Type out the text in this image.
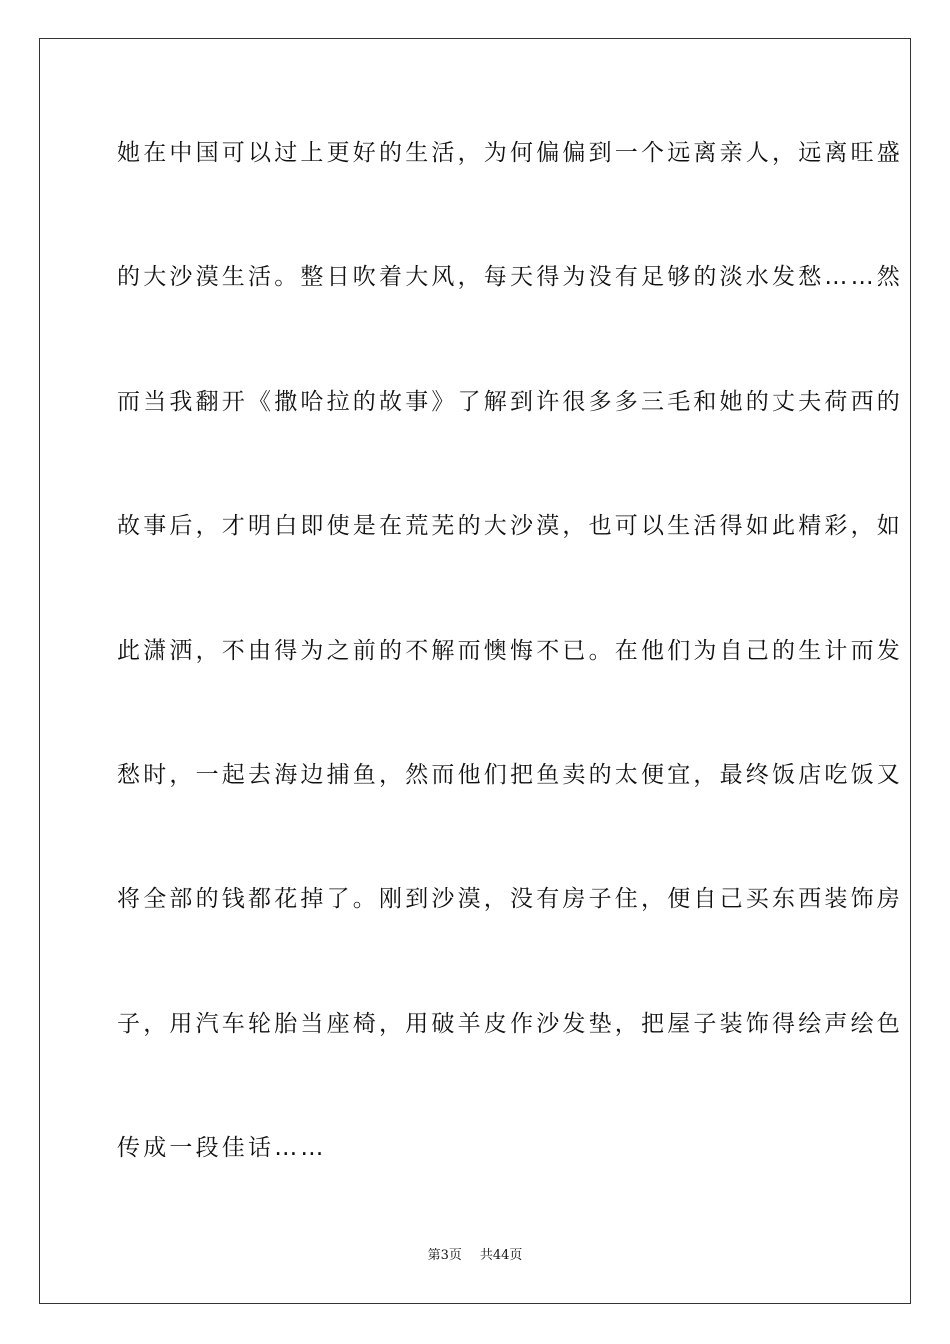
她在中国可以过上更好的生活，为何偏偏到一个远离亲人，远离旺盛
的大沙漠生活。整日吹着大风，每天得为没有足够的淡水发愁……然
而当我翻开《撒哈拉的故事》了解到许很多多三毛和她的丈夫荷西的
故事后，才明白即使是在荒芜的大沙漠，也可以生活得如此精彩，如
此潇洒，不由得为之前的不解而懊悔不已。在他们为自己的生计而发
愁时，一起去海边捕鱼，然而他们把鱼卖的太便宜，最终饭店吃饭又
将全部的钱都花掉了。刚到沙漠，没有房子住，便自己买东西装饰房
子，用汽车轮胎当座椅，用破羊皮作沙发垫，把屋子装饰得绘声绘色
传成一段佳话……
第3页 共44页
